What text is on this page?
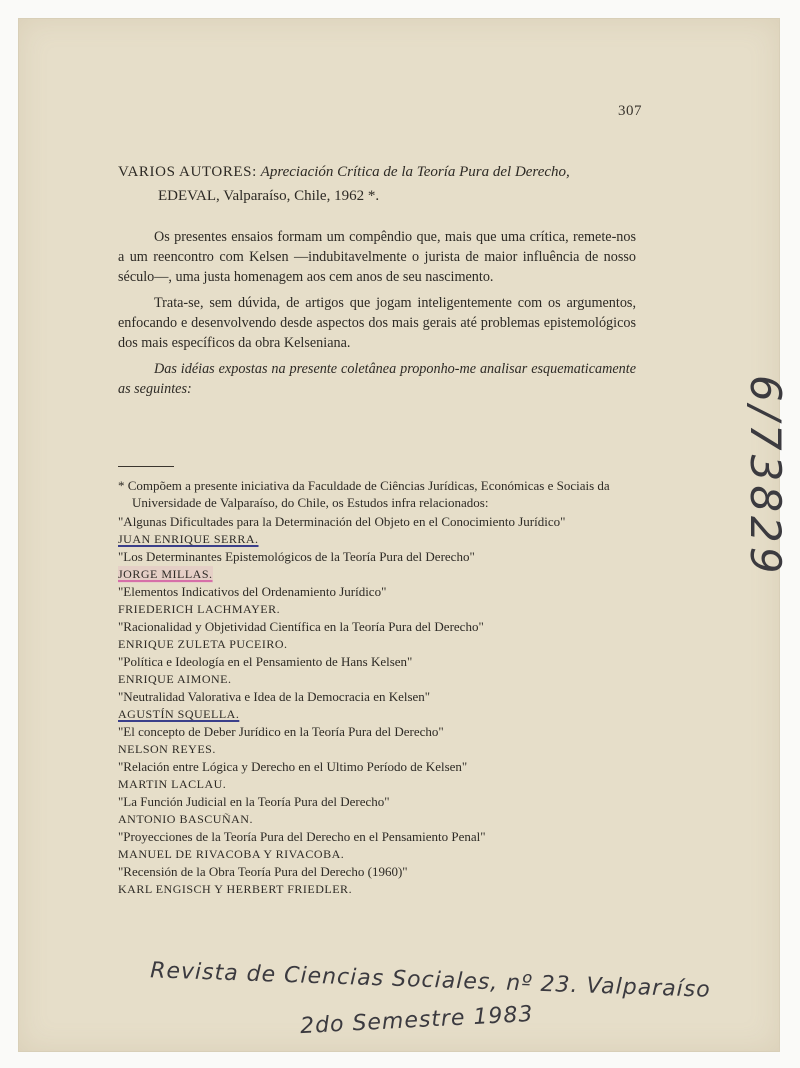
307
VARIOS AUTORES: Apreciación Crítica de la Teoría Pura del Derecho,
EDEVAL, Valparaíso, Chile, 1962 *.

Os presentes ensaios formam um compêndio que, mais que uma crítica, remete-nos a um reencontro com Kelsen —indubitavelmente o jurista de maior influência de nosso século—, uma justa homenagem aos cem anos de seu nascimento.

Trata-se, sem dúvida, de artigos que jogam inteligentemente com os argumentos, enfocando e desenvolvendo desde aspectos dos mais gerais até problemas epistemológicos dos mais específicos da obra Kelseniana.

Das idéias expostas na presente coletânea proponho-me analisar esquematicamente as seguintes:

* Compõem a presente iniciativa da Faculdade de Ciências Jurídicas, Económicas e Sociais da Universidade de Valparaíso, do Chile, os Estudos infra relacionados:

"Algunas Dificultades para la Determinación del Objeto en el Conocimiento Jurídico"
JUAN ENRIQUE SERRA.
"Los Determinantes Epistemológicos de la Teoría Pura del Derecho"
JORGE MILLAS.
"Elementos Indicativos del Ordenamiento Jurídico"
FRIEDERICH LACHMAYER.
"Racionalidad y Objetividad Científica en la Teoría Pura del Derecho"
ENRIQUE ZULETA PUCEIRO.
"Política e Ideología en el Pensamiento de Hans Kelsen"
ENRIQUE AIMONE.
"Neutralidad Valorativa e Idea de la Democracia en Kelsen"
AGUSTÍN SQUELLA.
"El concepto de Deber Jurídico en la Teoría Pura del Derecho"
NELSON REYES.
"Relación entre Lógica y Derecho en el Ultimo Período de Kelsen"
MARTIN LACLAU.
"La Función Judicial en la Teoría Pura del Derecho"
ANTONIO BASCUÑAN.
"Proyecciones de la Teoría Pura del Derecho en el Pensamiento Penal"
MANUEL DE RIVACOBA Y RIVACOBA.
"Recensión de la Obra Teoría Pura del Derecho (1960)"
KARL ENGISCH Y HERBERT FRIEDLER.
6/73829
Revista de Ciencias Sociales, nº 23. Valparaíso
2do Semestre 1983
